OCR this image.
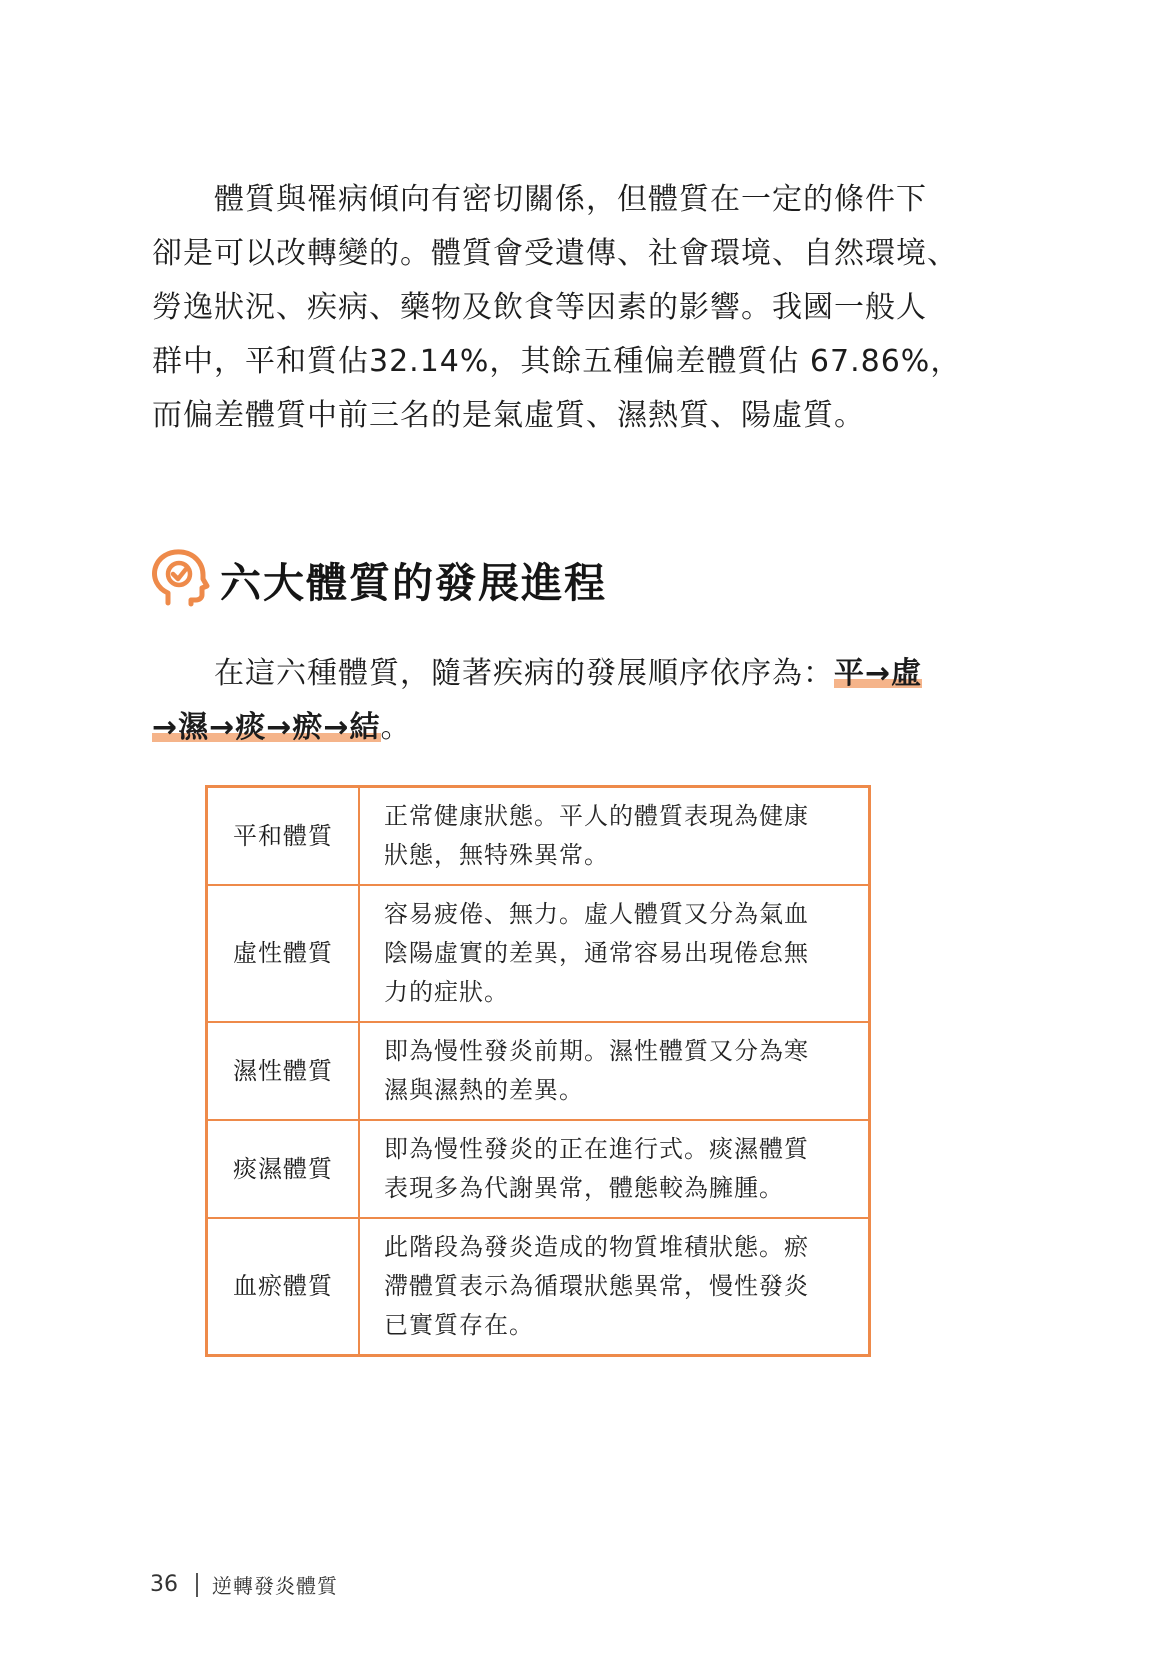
體質與罹病傾向有密切關係，但體質在一定的條件下
卻是可以改轉變的。體質會受遺傳、社會環境、自然環境、
勞逸狀況、疾病、藥物及飲食等因素的影響。我國一般人
群中，平和質佔32.14%，其餘五種偏差體質佔 67.86%，
而偏差體質中前三名的是氣虛質、濕熱質、陽虛質。
六大體質的發展進程
在這六種體質，隨著疾病的發展順序依序為：平→虛
→濕→痰→瘀→結。
平和體質	正常健康狀態。平人的體質表現為健康
狀態，無特殊異常。

虛性體質	容易疲倦、無力。虛人體質又分為氣血
陰陽虛實的差異，通常容易出現倦怠無
力的症狀。

濕性體質	即為慢性發炎前期。濕性體質又分為寒
濕與濕熱的差異。

痰濕體質	即為慢性發炎的正在進行式。痰濕體質
表現多為代謝異常，體態較為臃腫。

血瘀體質	此階段為發炎造成的物質堆積狀態。瘀
滯體質表示為循環狀態異常，慢性發炎
已實質存在。
36 逆轉發炎體質
